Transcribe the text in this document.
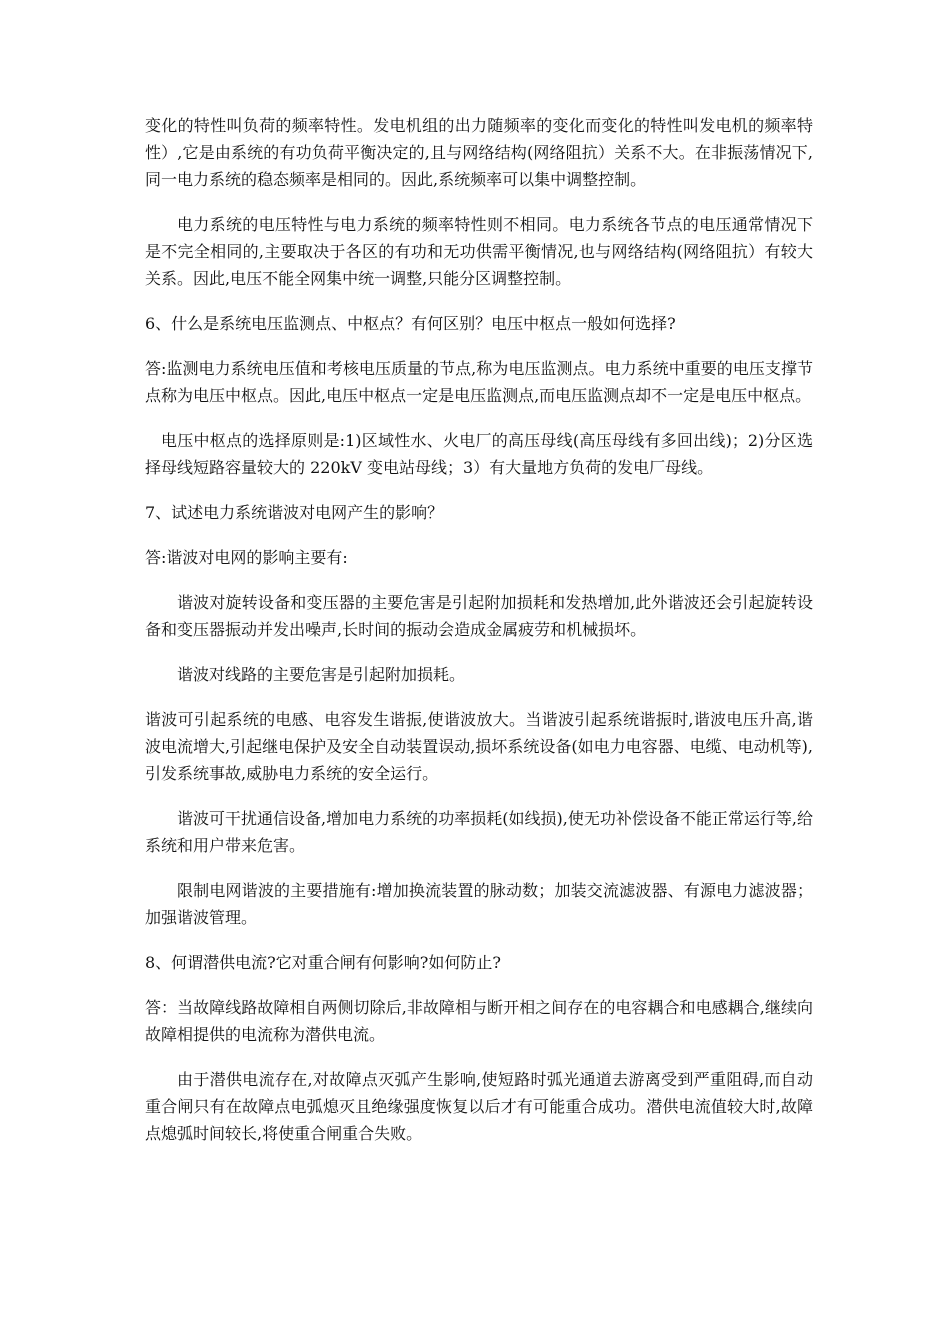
变化的特性叫负荷的频率特性。发电机组的出力随频率的变化而变化的特性叫发电机的频率特性）,它是由系统的有功负荷平衡决定的,且与网络结构(网络阻抗）关系不大。在非振荡情况下,同一电力系统的稳态频率是相同的。因此,系统频率可以集中调整控制。

电力系统的电压特性与电力系统的频率特性则不相同。电力系统各节点的电压通常情况下是不完全相同的,主要取决于各区的有功和无功供需平衡情况,也与网络结构(网络阻抗）有较大关系。因此,电压不能全网集中统一调整,只能分区调整控制。

6、什么是系统电压监测点、中枢点？有何区别？电压中枢点一般如何选择?

答:监测电力系统电压值和考核电压质量的节点,称为电压监测点。电力系统中重要的电压支撑节点称为电压中枢点。因此,电压中枢点一定是电压监测点,而电压监测点却不一定是电压中枢点。

电压中枢点的选择原则是:1)区域性水、火电厂的高压母线(高压母线有多回出线)；2)分区选择母线短路容量较大的 220kV 变电站母线；3）有大量地方负荷的发电厂母线。

7、试述电力系统谐波对电网产生的影响？

答:谐波对电网的影响主要有:

谐波对旋转设备和变压器的主要危害是引起附加损耗和发热增加,此外谐波还会引起旋转设备和变压器振动并发出噪声,长时间的振动会造成金属疲劳和机械损坏。

谐波对线路的主要危害是引起附加损耗。

谐波可引起系统的电感、电容发生谐振,使谐波放大。当谐波引起系统谐振时,谐波电压升高,谐波电流增大,引起继电保护及安全自动装置误动,损坏系统设备(如电力电容器、电缆、电动机等),引发系统事故,威胁电力系统的安全运行。

谐波可干扰通信设备,增加电力系统的功率损耗(如线损),使无功补偿设备不能正常运行等,给系统和用户带来危害。

限制电网谐波的主要措施有:增加换流装置的脉动数；加装交流滤波器、有源电力滤波器；加强谐波管理。

8、何谓潜供电流?它对重合闸有何影响?如何防止?

答：当故障线路故障相自两侧切除后,非故障相与断开相之间存在的电容耦合和电感耦合,继续向故障相提供的电流称为潜供电流。

由于潜供电流存在,对故障点灭弧产生影响,使短路时弧光通道去游离受到严重阻碍,而自动重合闸只有在故障点电弧熄灭且绝缘强度恢复以后才有可能重合成功。潜供电流值较大时,故障点熄弧时间较长,将使重合闸重合失败。
